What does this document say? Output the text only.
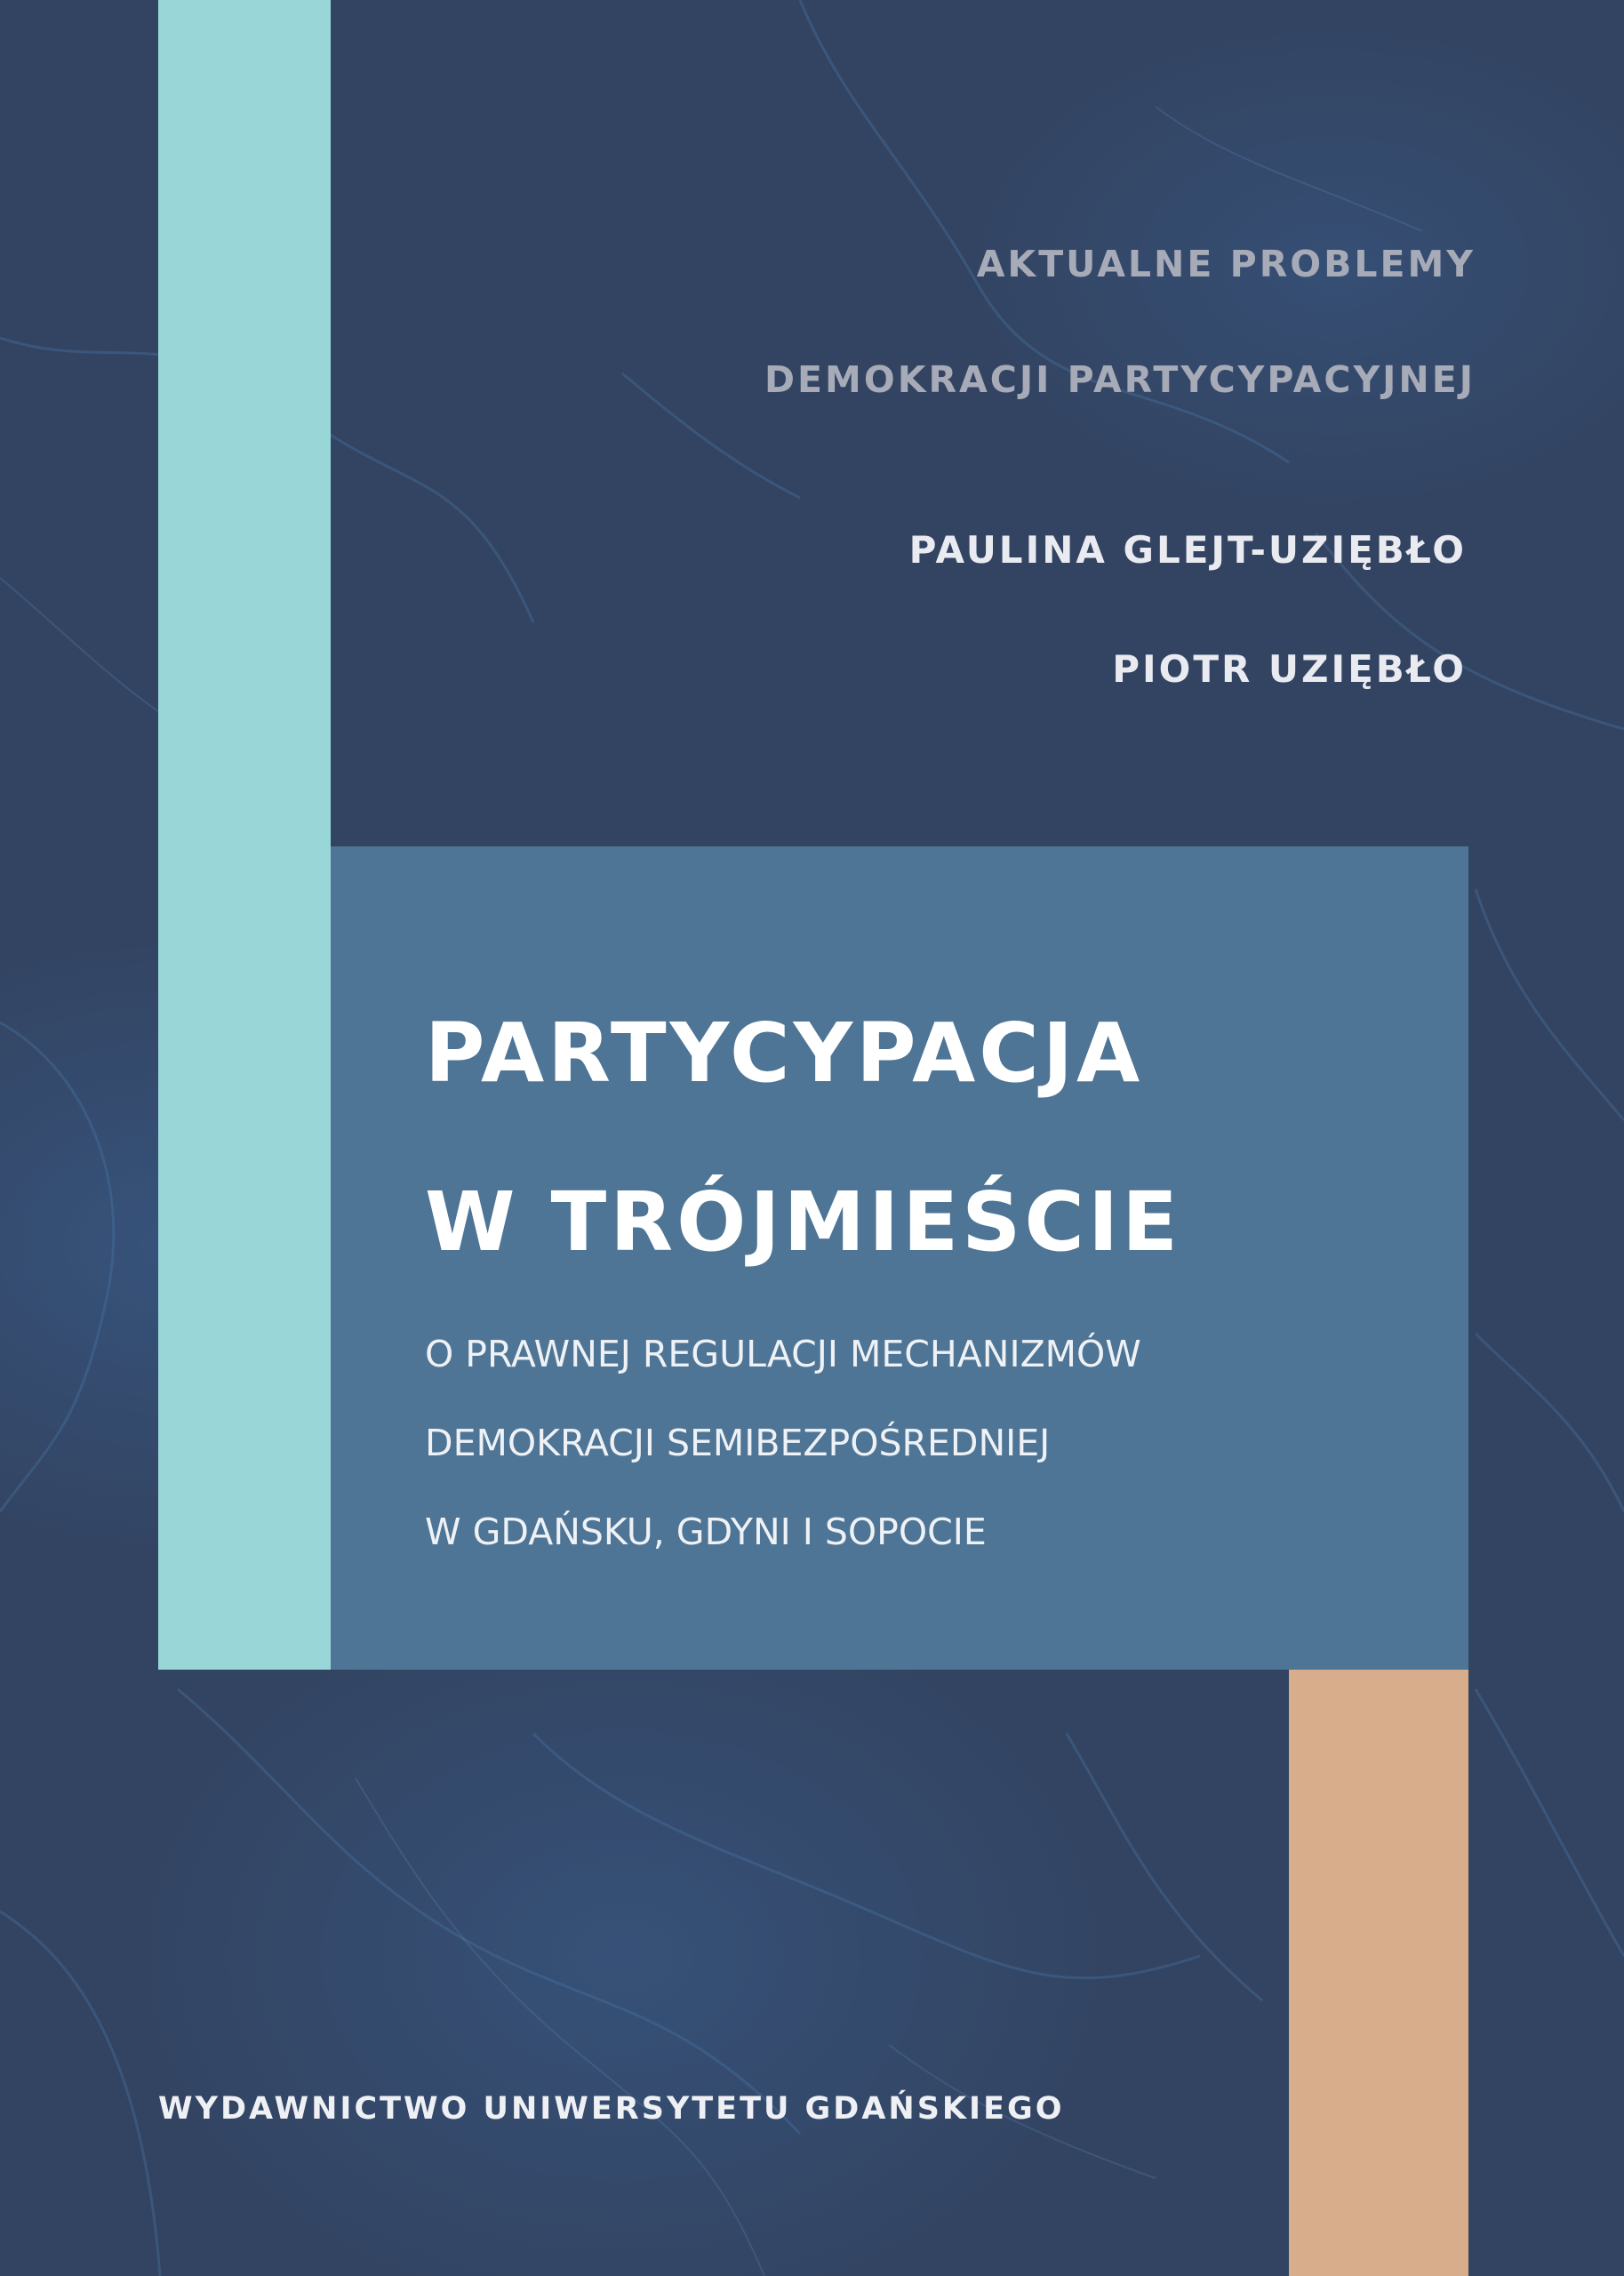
AKTUALNE PROBLEMY
DEMOKRACJI PARTYCYPACYJNEJ
PAULINA GLEJT-UZIĘBŁO
PIOTR UZIĘBŁO
PARTYCYPACJA
W TRÓJMIEŚCIE
O PRAWNEJ REGULACJI MECHANIZMÓW
DEMOKRACJI SEMIBEZPOŚREDNIEJ
W GDAŃSKU, GDYNI I SOPOCIE
WYDAWNICTWO UNIWERSYTETU GDAŃSKIEGO
